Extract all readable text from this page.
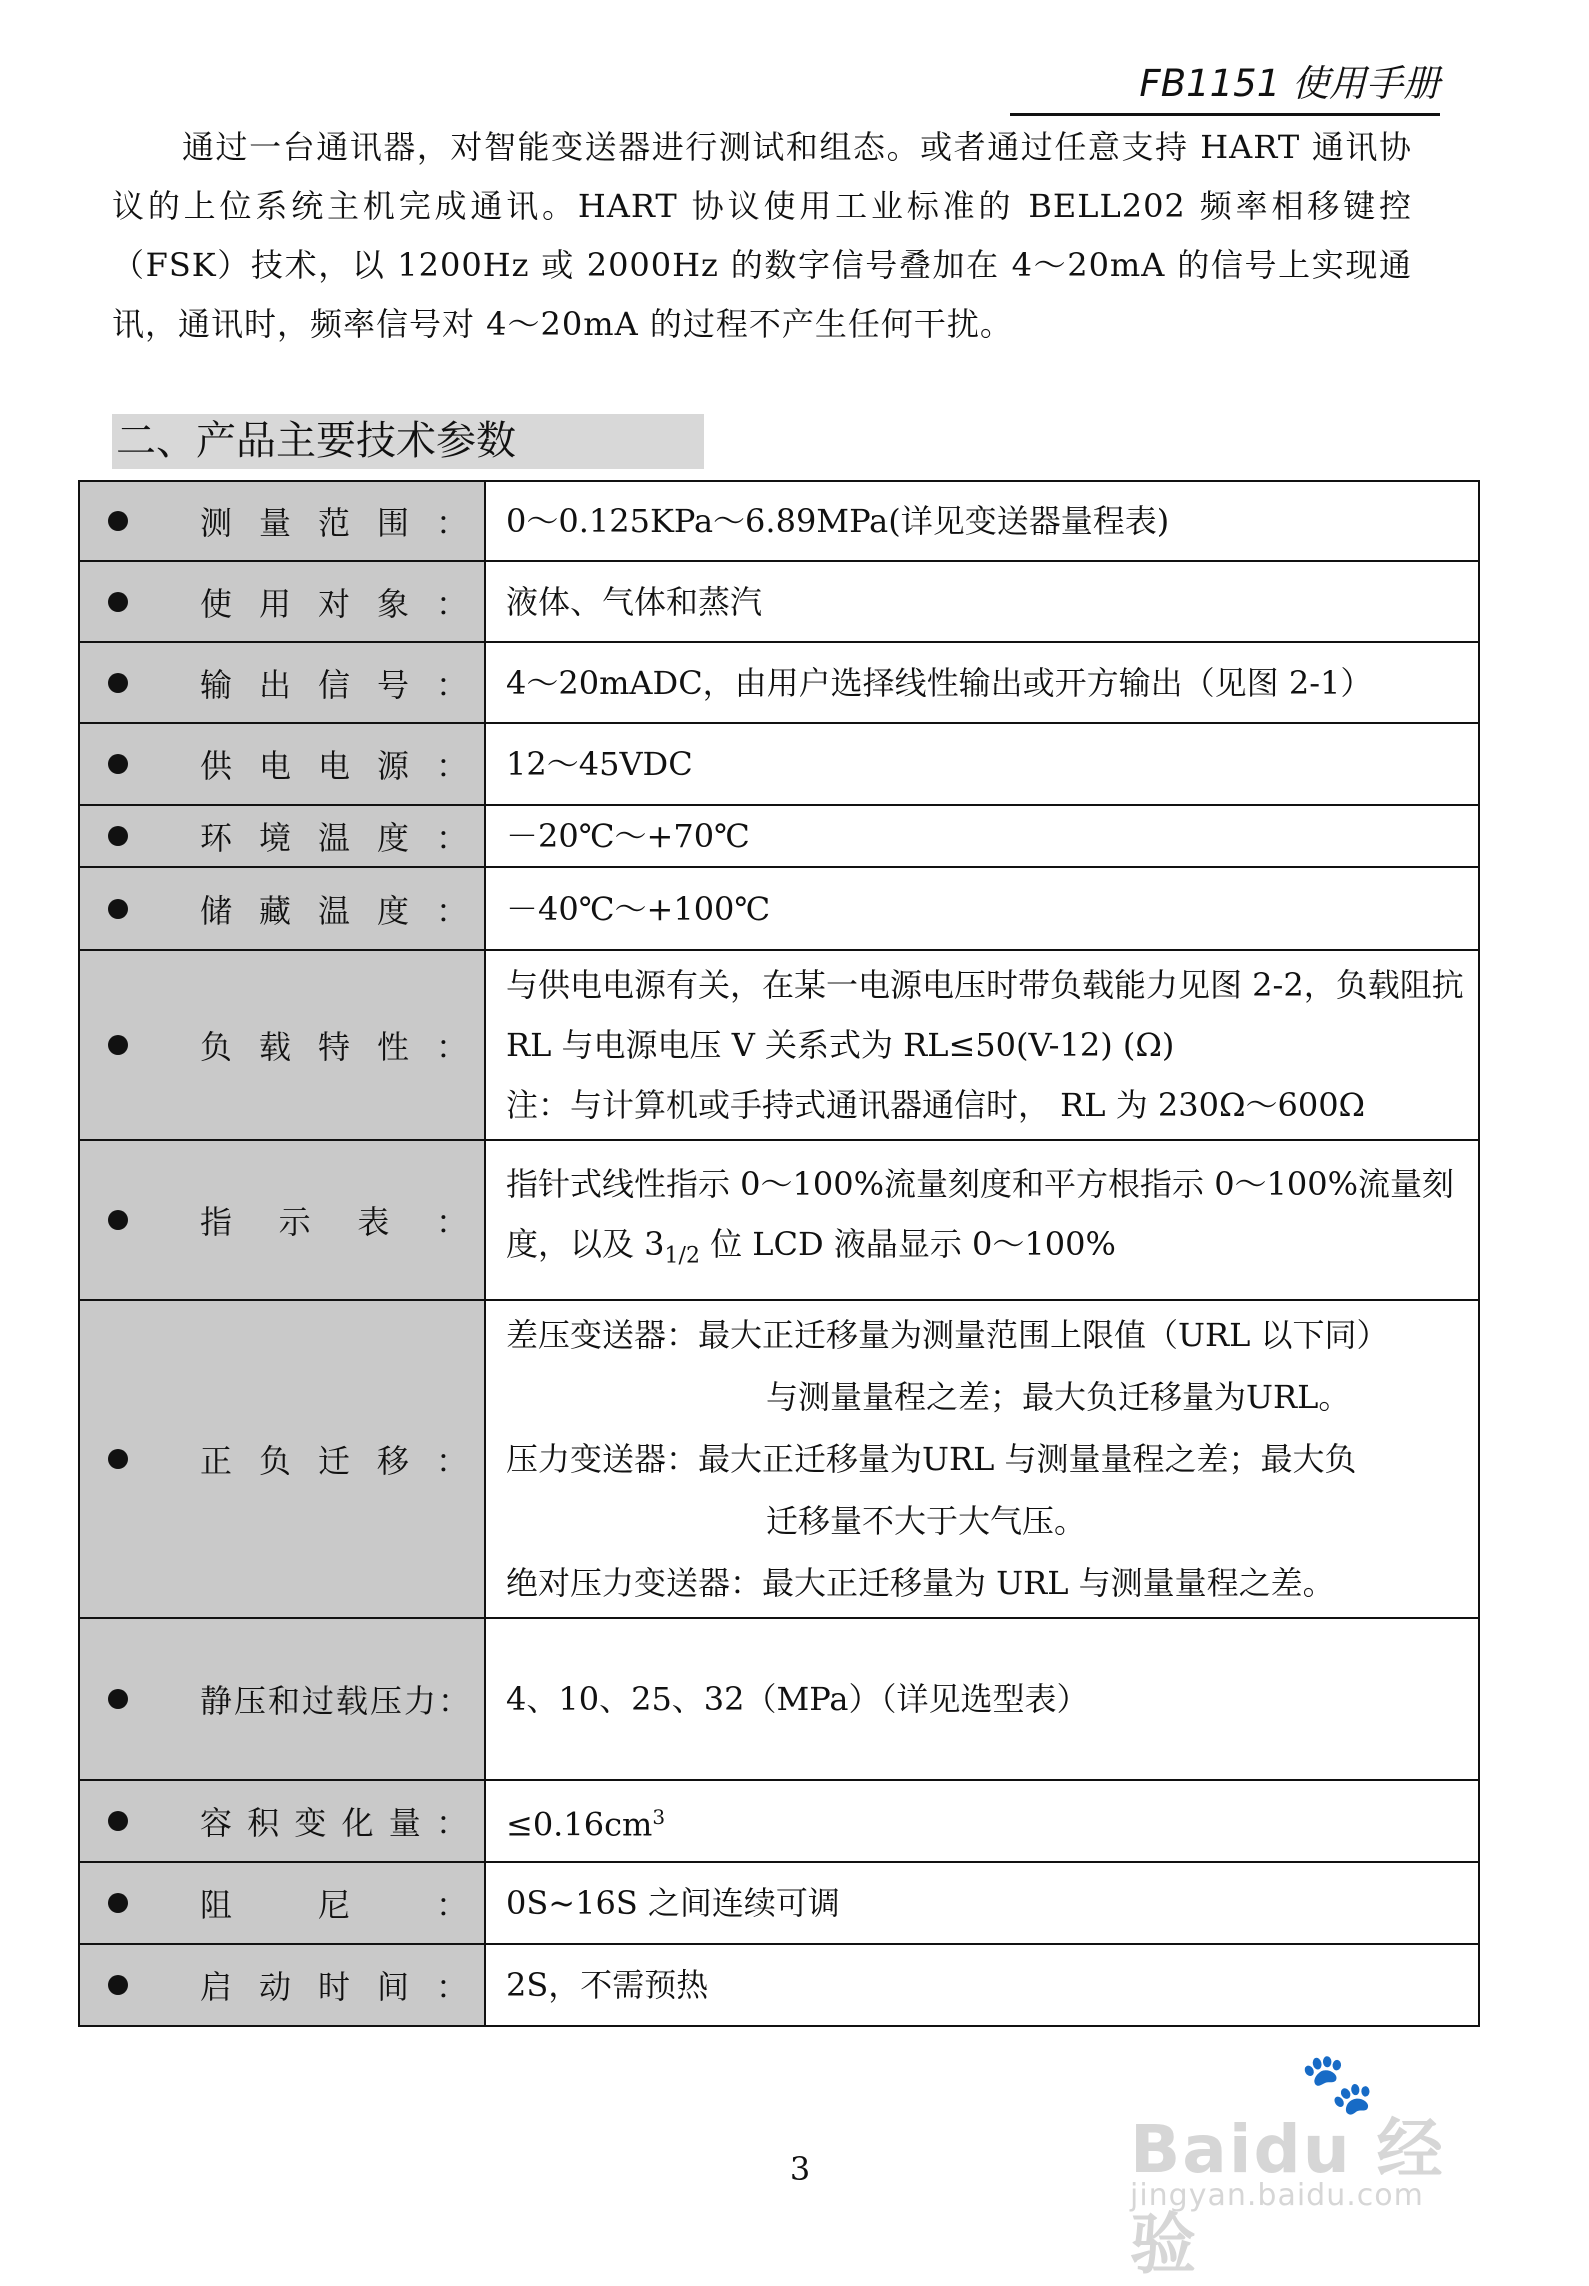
FB1151 使用手册

通过一台通讯器，对智能变送器进行测试和组态。或者通过任意支持 HART 通讯协议的上位系统主机完成通讯。HART 协议使用工业标准的 BELL202 频率相移键控（FSK）技术，以 1200Hz 或 2000Hz 的数字信号叠加在 4～20mA 的信号上实现通讯，通讯时，频率信号对 4～20mA 的过程不产生任何干扰。

二、产品主要技术参数
测量范围：	0～0.125KPa～6.89MPa(详见变送器量程表)

使用对象：	液体、气体和蒸汽

输出信号：	4～20mADC，由用户选择线性输出或开方输出（见图 2-1）

供电电源：	12～45VDC

环境温度：	－20℃～+70℃

储藏温度：	－40℃～+100℃

负载特性：	与供电电源有关，在某一电源电压时带负载能力见图 2-2，负载阻抗 RL 与电源电压 V 关系式为 RL≤50(V-12) (Ω)
注：与计算机或手持式通讯器通信时， RL 为 230Ω～600Ω

指示表：	指针式线性指示 0～100%流量刻度和平方根指示 0～100%流量刻度，以及 $3_{1/2}$ 位 LCD 液晶显示 0～100%

正负迁移：	差压变送器：最大正迁移量为测量范围上限值（URL 以下同）

与测量量程之差；最大负迁移量为URL。

压力变送器：最大正迁移量为URL 与测量量程之差；最大负

迁移量不大于大气压。

绝对压力变送器：最大正迁移量为 URL 与测量量程之差。

静压和过载压力：	4、10、25、32（MPa）（详见选型表）

容积变化量：	$\le 0.16cm^3$

阻尼：	0S~16S 之间连续可调

启动时间：	2S，不需预热
3
🐾
Baidu 经验
jingyan.baidu.com
